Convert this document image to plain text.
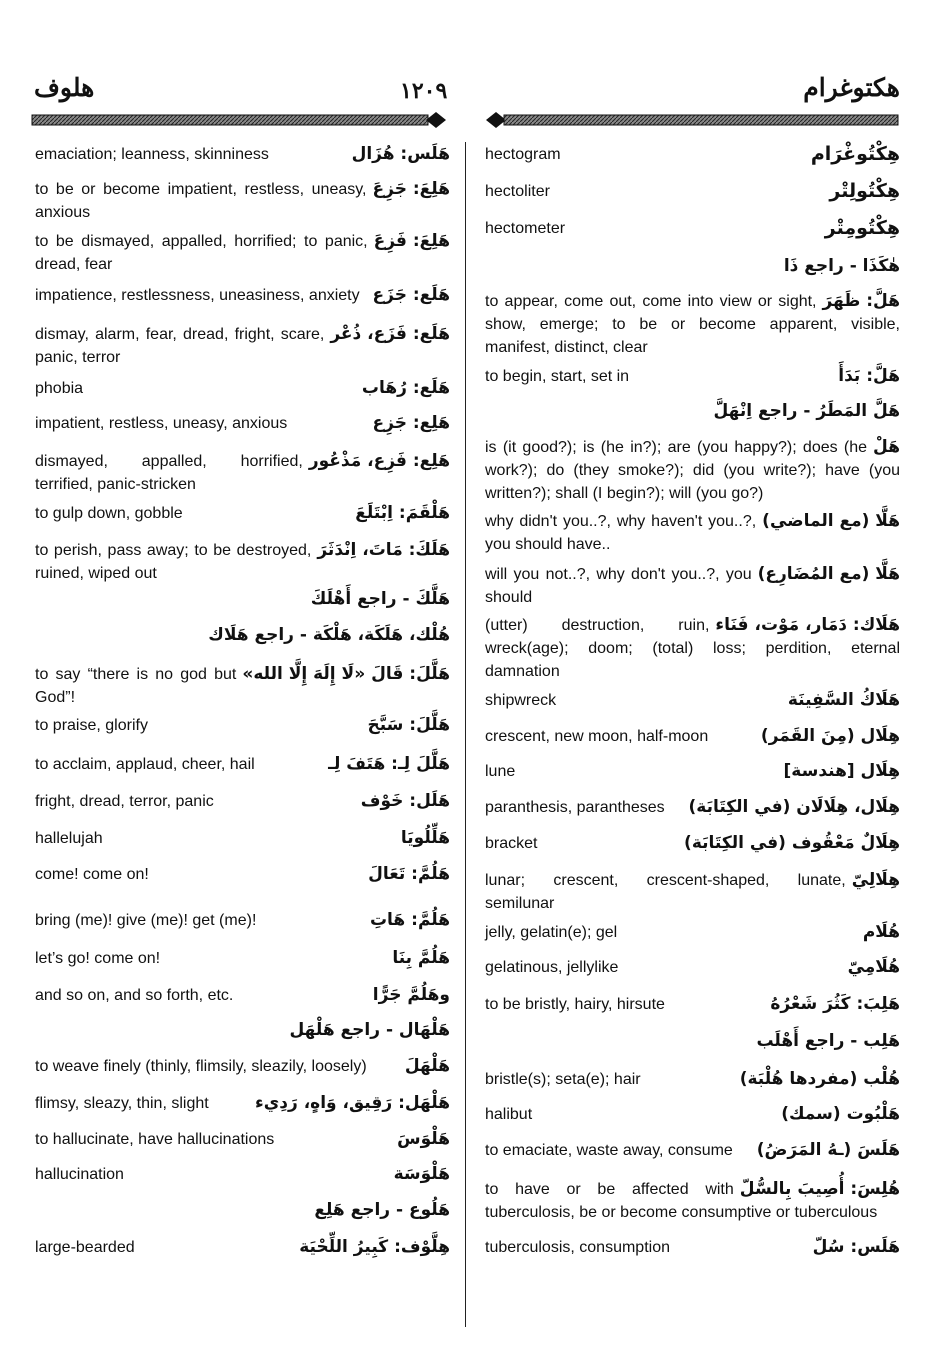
هلوف	١٢٠٩	هكتوغرام
هَلَس: هُزَال
emaciation; leanness, skinniness
هَلِعَ: جَزِعَ
to be or become impatient, restless, uneasy, anxious
هَلِعَ: فَزِعَ
to be dismayed, appalled, horrified; to panic, dread, fear
هَلَع: جَزَع
impatience, restlessness, uneasiness, anxiety
هَلَع: فَزَع، ذُعْر
dismay, alarm, fear, dread, fright, scare, panic, terror
هَلَع: رُهَاب
phobia
هَلِع: جَزِع
impatient, restless, uneasy, anxious
هَلِع: فَزِع، مَذْعُور
dismayed, appalled, horrified, terrified, panic-stricken
هَلْقَمَ: اِبْتَلَعَ
to gulp down, gobble
هَلَكَ: مَاتَ، اِنْدَثَرَ
to perish, pass away; to be destroyed, ruined, wiped out
هَلَّكَ - راجع أَهْلَكَ
هُلْك، هَلَكَة، هَلْكَة - راجع هَلَاك
هَلَّلَ: قَالَ «لَا إِلَهَ إِلَّا الله»
to say “there is no god but God”!
هَلَّلَ: سَبَّحَ
to praise, glorify
هَلَّلَ لِـ: هَتَفَ لِـ
to acclaim, applaud, cheer, hail
هَلَل: خَوْف
fright, dread, terror, panic
هَلِّلُويَا
hallelujah
هَلُمَّ: تَعَالَ
come! come on!
هَلُمَّ: هَاتِ
bring (me)! give (me)! get (me)!
هَلُمَّ بِنَا
let’s go! come on!
وهَلُمَّ جَرًّا
and so on, and so forth, etc.
هَلْهَال - راجع هَلْهَل
هَلْهَلَ
to weave finely (thinly, flimsily, sleazily, loosely)
هَلْهَل: رَقِيق، وَاهٍ، رَدِيء
flimsy, sleazy, thin, slight
هَلْوَسَ
to hallucinate, have hallucinations
هَلْوَسَة
hallucination
هَلُوع - راجع هَلِع
هِلَّوْف: كَبِيرُ اللِّحْيَة
large-bearded
هِكْتُوغْرَام
hectogram
هِكْتُولِتْر
hectoliter
هِكْتُومِتْر
hectometer
هٰكَذَا - راجع ذَا
هَلَّ: ظَهَرَ
to appear, come out, come into view or sight, show, emerge; to be or become apparent, visible, manifest, distinct, clear
هَلَّ: بَدَأَ
to begin, start, set in
هَلَّ المَطَرُ - راجع اِنْهَلَّ
هَلْ
is (it good?); is (he in?); are (you happy?); does (he work?); do (they smoke?); did (you write?); have (you written?); shall (I begin?); will (you go?)
هَلَّا (مع الماضي)
why didn't you..?, why haven't you..?, you should have..
هَلَّا (مع المُضَارِع)
will you not..?, why don't you..?, you should
هَلَاك: دَمَار، مَوْت، فَنَاء
(utter) destruction, ruin, wreck(age); doom; (total) loss; perdition, eternal damnation
هَلَاكُ السَّفِينَة
shipwreck
هِلَال (مِنَ القَمَر)
crescent, new moon, half-moon
هِلَال [هندسة]
lune
هِلَال، هِلَالَان (في الكِتَابَة)
paranthesis, parantheses
هِلَالٌ مَعْقُوف (في الكِتَابَة)
bracket
هِلَالِيّ
lunar; crescent, crescent-shaped, lunate, semilunar
هُلَام
jelly, gelatin(e); gel
هُلَامِيّ
gelatinous, jellylike
هَلِبَ: كَثُرَ شَعْرُهُ
to be bristly, hairy, hirsute
هَلِب - راجع أَهْلَب
هُلْب (مفردها هُلْبَة)
bristle(s); seta(e); hair
هَلْبُوت (سمك)
halibut
هَلَسَ (ـهُ المَرَضُ)
to emaciate, waste away, consume
هُلِسَ: أُصِيبَ بِالسُّلّ
to have or be affected with tuberculosis, be or become consumptive or tuberculous
هَلَس: سُلّ
tuberculosis, consumption
